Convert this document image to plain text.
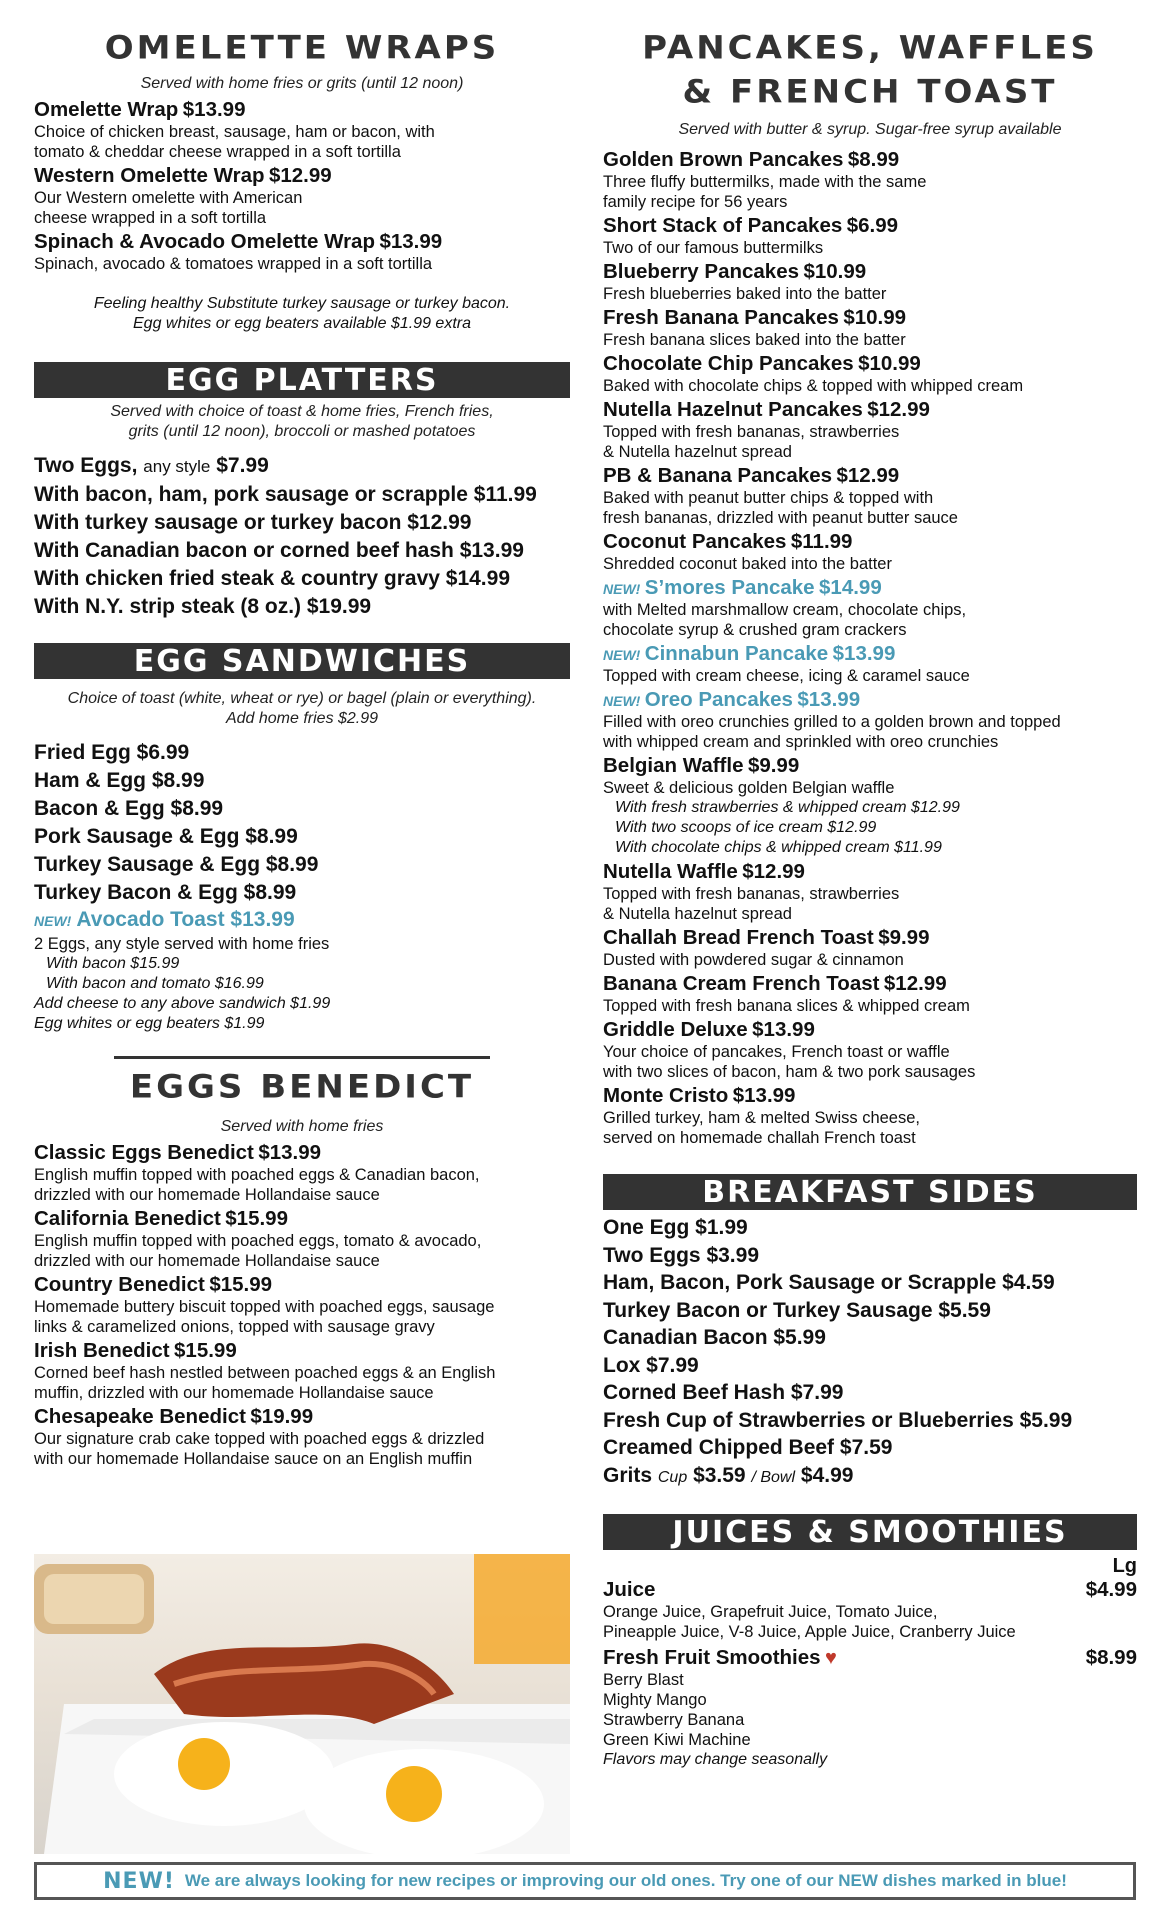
OMELETTE WRAPS
Served with home fries or grits (until 12 noon)
Omelette Wrap $13.99
Choice of chicken breast, sausage, ham or bacon, with
tomato & cheddar cheese wrapped in a soft tortilla
Western Omelette Wrap $12.99
Our Western omelette with American
cheese wrapped in a soft tortilla
Spinach & Avocado Omelette Wrap $13.99
Spinach, avocado & tomatoes wrapped in a soft tortilla
Feeling healthy Substitute turkey sausage or turkey bacon.
Egg whites or egg beaters available $1.99 extra
EGG PLATTERS
Served with choice of toast & home fries, French fries,
grits (until 12 noon), broccoli or mashed potatoes
Two Eggs, any style $7.99
With bacon, ham, pork sausage or scrapple $11.99
With turkey sausage or turkey bacon $12.99
With Canadian bacon or corned beef hash $13.99
With chicken fried steak & country gravy $14.99
With N.Y. strip steak (8 oz.) $19.99
EGG SANDWICHES
Choice of toast (white, wheat or rye) or bagel (plain or everything).
Add home fries $2.99
Fried Egg $6.99
Ham & Egg $8.99
Bacon & Egg $8.99
Pork Sausage & Egg $8.99
Turkey Sausage & Egg $8.99
Turkey Bacon & Egg $8.99
NEW! Avocado Toast $13.99
2 Eggs, any style served with home fries
With bacon $15.99
With bacon and tomato $16.99
Add cheese to any above sandwich $1.99
Egg whites or egg beaters $1.99
EGGS BENEDICT
Served with home fries
Classic Eggs Benedict $13.99
English muffin topped with poached eggs & Canadian bacon,
drizzled with our homemade Hollandaise sauce
California Benedict $15.99
English muffin topped with poached eggs, tomato & avocado,
drizzled with our homemade Hollandaise sauce
Country Benedict $15.99
Homemade buttery biscuit topped with poached eggs, sausage
links & caramelized onions, topped with sausage gravy
Irish Benedict $15.99
Corned beef hash nestled between poached eggs & an English
muffin, drizzled with our homemade Hollandaise sauce
Chesapeake Benedict $19.99
Our signature crab cake topped with poached eggs & drizzled
with our homemade Hollandaise sauce on an English muffin
PANCAKES, WAFFLES
& FRENCH TOAST
Served with butter & syrup. Sugar-free syrup available
Golden Brown Pancakes $8.99
Three fluffy buttermilks, made with the same
family recipe for 56 years
Short Stack of Pancakes $6.99
Two of our famous buttermilks
Blueberry Pancakes $10.99
Fresh blueberries baked into the batter
Fresh Banana Pancakes $10.99
Fresh banana slices baked into the batter
Chocolate Chip Pancakes $10.99
Baked with chocolate chips & topped with whipped cream
Nutella Hazelnut Pancakes $12.99
Topped with fresh bananas, strawberries
& Nutella hazelnut spread
PB & Banana Pancakes $12.99
Baked with peanut butter chips & topped with
fresh bananas, drizzled with peanut butter sauce
Coconut Pancakes $11.99
Shredded coconut baked into the batter
NEW! S’mores Pancake $14.99
with Melted marshmallow cream, chocolate chips,
chocolate syrup & crushed gram crackers
NEW! Cinnabun Pancake $13.99
Topped with cream cheese, icing & caramel sauce
NEW! Oreo Pancakes $13.99
Filled with oreo crunchies grilled to a golden brown and topped
with whipped cream and sprinkled with oreo crunchies
Belgian Waffle $9.99
Sweet & delicious golden Belgian waffle
With fresh strawberries & whipped cream $12.99
With two scoops of ice cream $12.99
With chocolate chips & whipped cream $11.99
Nutella Waffle $12.99
Topped with fresh bananas, strawberries
& Nutella hazelnut spread
Challah Bread French Toast $9.99
Dusted with powdered sugar & cinnamon
Banana Cream French Toast $12.99
Topped with fresh banana slices & whipped cream
Griddle Deluxe $13.99
Your choice of pancakes, French toast or waffle
with two slices of bacon, ham & two pork sausages
Monte Cristo $13.99
Grilled turkey, ham & melted Swiss cheese,
served on homemade challah French toast
BREAKFAST SIDES
One Egg $1.99
Two Eggs $3.99
Ham, Bacon, Pork Sausage or Scrapple $4.59
Turkey Bacon or Turkey Sausage $5.59
Canadian Bacon $5.99
Lox $7.99
Corned Beef Hash $7.99
Fresh Cup of Strawberries or Blueberries $5.99
Creamed Chipped Beef $7.59
Grits Cup $3.59 / Bowl $4.99
JUICES & SMOOTHIES
Lg
Juice	$4.99
Orange Juice, Grapefruit Juice, Tomato Juice,
Pineapple Juice, V-8 Juice, Apple Juice, Cranberry Juice
Fresh Fruit Smoothies ♥	$8.99
Berry Blast
Mighty Mango
Strawberry Banana
Green Kiwi Machine
Flavors may change seasonally
NEW! We are always looking for new recipes or improving our old ones. Try one of our NEW dishes marked in blue!
